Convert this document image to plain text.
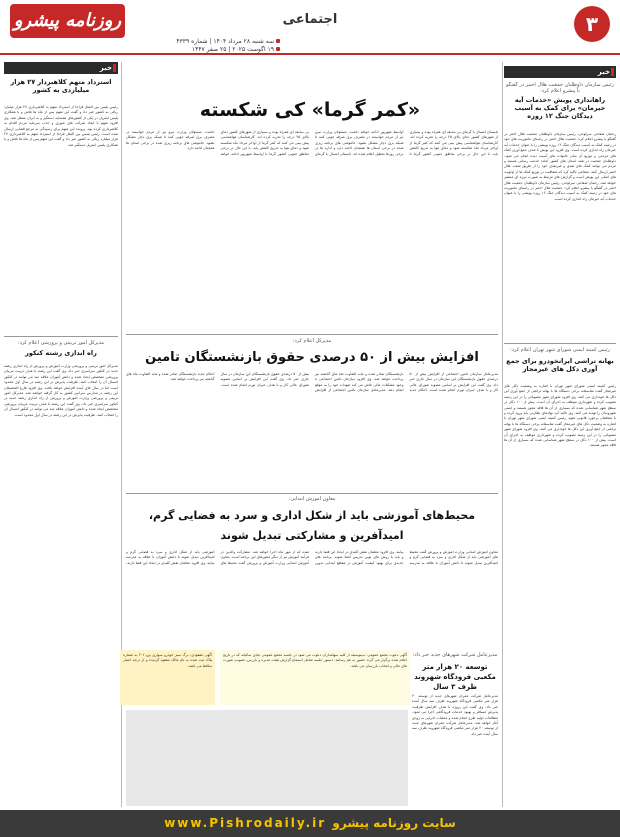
۳
اجتماعی
روزنامه پیشرو
سه شنبه ۲۸ مرداد ۱۴۰۴ | شماره ۴۳۳۹
۱۹ اگوست ۲۰۲۵ | ۲۵ صفر ۱۴۴۷
خبر
رئیس سازمان داوطلبان جمعیت هلال احمر در گفتگو با پیشرو اعلام کرد:
راهاندازی پویش «خدمات آیه خیرمان» برای کمک به آسیب دیدگان جنگ ۱۲ روزه
رحمان شفاعی سرلوحی، رئیس سازمان داوطلبان جمعیت هلال احمر در گفتگو با پیشرو اعلام کرد: جمعیت هلال احمر در راستای ماموریت های خود در زمینه کمک به آسیب دیدگان جنگ ۱۲ روزه پویشی را با عنوان خدمات آیه خیرمان راه اندازی کرده است. وی افزود این پویش با هدف جمع آوری کمک های مردمی و توزیع آن میان خانواده های آسیب دیده انجام می شود. داوطلبان جمعیت در همه استان های کشور آماده خدمت رسانی هستند و مردم می توانند کمک های نقدی و غیرنقدی خود را از طریق شعب هلال احمر ارسال کنند. شفاعی تاکید کرد که شفافیت در توزیع کمک ها از اولویت های اصلی این پویش است و گزارش های مرتبط به صورت دوره ای منتشر خواهد شد. رحمان شفاعی سرلوحی، رئیس سازمان داوطلبان جمعیت هلال احمر در گفتگو با پیشرو اعلام کرد: جمعیت هلال احمر در راستای ماموریت های خود در زمینه کمک به آسیب دیدگان جنگ ۱۲ روزه پویشی را با عنوان خدمات آیه خیرمان راه اندازی کرده است.
رئیس کمیته ایمنی شورای شهر تهران اعلام کرد:
بهانه تراشی ایرانخودرو برای جمع آوری دکل های غیرمجاز
رئیس کمیته ایمنی شورای شهر تهران با اشاره به وضعیت دکل های غیرمجاز گفت متاسفانه برخی دستگاه ها با بهانه تراشی از جمع آوری این دکل ها خودداری می کنند. وی افزود شورای شهر مصوباتی را در این زمینه تصویب کرده و شهرداری موظف به اجرای آن است. بیش از ۱۰۰ دکل در سطح شهر شناسایی شده که بسیاری از آن ها فاقد مجوز هستند و ایمنی شهروندان را تهدید می کنند. وی تاکید کرد نهادهای نظارتی باید ورود کرده و با متخلفان برخورد قانونی شود. رئیس کمیته ایمنی شورای شهر تهران با اشاره به وضعیت دکل های غیرمجاز گفت متاسفانه برخی دستگاه ها با بهانه تراشی از جمع آوری این دکل ها خودداری می کنند. وی افزود شورای شهر مصوباتی را در این زمینه تصویب کرده و شهرداری موظف به اجرای آن است. بیش از ۱۰۰ دکل در سطح شهر شناسایی شده که بسیاری از آن ها فاقد مجوز هستند.
خبر
استرداد متهم کلاهبردار ۲۷ هزار میلیاردی به کشور
رئیس پلیس بین الملل فراجا از استرداد متهم به کلاهبرداری ۲۷ هزار میلیارد ریالی به کشور خبر داد و گفت این متهم پس از ماه ها تلاش و با همکاری پلیس اینترپل در یکی از کشورهای همسایه دستگیر و به ایران منتقل شد. وی افزود متهم با ایجاد شرکت های صوری و جذب سرمایه مردم اقدام به کلاهبرداری کرده بود. پرونده این متهم برای رسیدگی به مرجع قضایی ارسال شده است. رئیس پلیس بین الملل فراجا از استرداد متهم به کلاهبرداری ۲۷ هزار میلیارد ریالی به کشور خبر داد و گفت این متهم پس از ماه ها تلاش و با همکاری پلیس اینترپل دستگیر شد.
مدیرکل امور تربیتی و پرورشی اعلام کرد:
راه اندازی رشته کنکور
مدیرکل امور تربیتی و پرورشی وزارت آموزش و پرورش از راه اندازی رشته جدید در کنکور سراسری خبر داد. وی گفت این رشته با هدف تربیت مربیان پرورشی متخصص ایجاد شده و دانش آموزان علاقه مند می توانند در کنکور امسال آن را انتخاب کنند. ظرفیت پذیرش در این رشته در سال اول محدود است اما در سال های آینده افزایش خواهد یافت. وی افزود فارغ التحصیلان این رشته در مدارس سراسر کشور به کار گرفته خواهند شد. مدیرکل امور تربیتی و پرورشی وزارت آموزش و پرورش از راه اندازی رشته جدید در کنکور سراسری خبر داد. وی گفت این رشته با هدف تربیت مربیان پرورشی متخصص ایجاد شده و دانش آموزان علاقه مند می توانند در کنکور امسال آن را انتخاب کنند. ظرفیت پذیرش در این رشته در سال اول محدود است.
«کمر گرما» کی شکسته
تابستان امسال با گرمای بی سابقه ای همراه بوده و بسیاری از شهرهای کشور دمای بالای ۴۵ درجه را تجربه کرده اند. کارشناسان هواشناسی پیش بینی می کنند که کمر گرما از اواخر مرداد ماه شکسته شود و دمای هوا به تدریج کاهش یابد. با این حال در برخی مناطق جنوبی کشور گرما تا اواسط شهریور ادامه خواهد داشت. مسئولان وزارت نیرو نیز از مردم خواستند در مصرف برق صرفه جویی کنند تا شبکه برق دچار مشکل نشود. خاموشی های برنامه ریزی شده در برخی استان ها همچنان ادامه دارد و اداره ها در برخی روزها تعطیل اعلام شده اند. تابستان امسال با گرمای بی سابقه ای همراه بوده و بسیاری از شهرهای کشور دمای بالای ۴۵ درجه را تجربه کرده اند. کارشناسان هواشناسی پیش بینی می کنند که کمر گرما از اواخر مرداد ماه شکسته شود و دمای هوا به تدریج کاهش یابد. با این حال در برخی مناطق جنوبی کشور گرما تا اواسط شهریور ادامه خواهد داشت. مسئولان وزارت نیرو نیز از مردم خواستند در مصرف برق صرفه جویی کنند تا شبکه برق دچار مشکل نشود. خاموشی های برنامه ریزی شده در برخی استان ها همچنان ادامه دارد.
مدیرکل اعلام کرد:
افزایش بیش از ۵۰ درصدی حقوق بازنشستگان تامین
مدیرعامل سازمان تامین اجتماعی از افزایش بیش از ۵۰ درصدی حقوق بازنشستگان این سازمان در سال جاری خبر داد. وی گفت این افزایش بر اساس مصوبه شورای عالی کار و با هدف جبران تورم انجام شده است. احکام جدید بازنشستگان صادر شده و مابه التفاوت ماه های گذشته نیز پرداخت خواهد شد. وی افزود سازمان تامین اجتماعی با وجود مشکلات مالی تلاش می کند تعهدات خود را به موقع انجام دهد. مدیرعامل سازمان تامین اجتماعی از افزایش بیش از ۵۰ درصدی حقوق بازنشستگان این سازمان در سال جاری خبر داد. وی گفت این افزایش بر اساس مصوبه شورای عالی کار و با هدف جبران تورم انجام شده است. احکام جدید بازنشستگان صادر شده و مابه التفاوت ماه های گذشته نیز پرداخت خواهد شد.
معاون آموزش ابتدایی:
محیط‌های آموزشی باید از شکل اداری و سرد به فضایی گرم، امیدآفرین و مشارکتی تبدیل شوند
معاون آموزش ابتدایی وزارت آموزش و پرورش گفت محیط های آموزشی باید از شکل اداری و سرد به فضایی گرم و امیدآفرین تبدیل شوند تا دانش آموزان با علاقه به مدرسه بیایند. وی افزود معلمان نقش کلیدی در ایجاد این فضا دارند و باید با روش های نوین تدریس آشنا شوند. برنامه های جدیدی برای بهبود کیفیت آموزش در مقطع ابتدایی تدوین شده که از مهر ماه اجرا خواهد شد. مشارکت والدین در فرآیند آموزش نیز از دیگر محورهای این برنامه است. معاون آموزش ابتدایی وزارت آموزش و پرورش گفت محیط های آموزشی باید از شکل اداری و سرد به فضایی گرم و امیدآفرین تبدیل شوند تا دانش آموزان با علاقه به مدرسه بیایند. وی افزود معلمان نقش کلیدی در ایجاد این فضا دارند.
مدیرعامل شرکت شهرهای جدید خبر داد:
توسعه ۲۰ هزار متر مکعبی فرودگاه شهروند ظرف ۳ سال
مدیرعامل شرکت عمران شهرهای جدید از توسعه ۲۰ هزار متر مکعبی فرودگاه شهروند ظرف سه سال آینده خبر داد. وی گفت این پروژه با هدف افزایش ظرفیت پذیرش مسافر و بهبود خدمات فرودگاهی اجرا می شود. مطالعات اولیه طرح انجام شده و عملیات اجرایی به زودی آغاز خواهد شد. مدیرعامل شرکت عمران شهرهای جدید از توسعه ۲۰ هزار متر مکعبی فرودگاه شهروند ظرف سه سال آینده خبر داد.
آگهی مفقودی: برگ سبز خودرو سواری پژو ۲۰۶ به شماره پلاک ثبت شده به نام مالک مفقود گردیده و از درجه اعتبار ساقط می باشد.
آگهی دعوت مجمع عمومی: بدینوسیله از کلیه سهامداران دعوت می شود در جلسه مجمع عمومی عادی سالیانه که در تاریخ اعلام شده برگزار می گردد حضور به هم رسانند. دستور جلسه شامل استماع گزارش هیئت مدیره و بازرس، تصویب صورت های مالی و انتخاب بازرسان می باشد.
www.Pishrodaily.ir سایت روزنامه پیشرو
